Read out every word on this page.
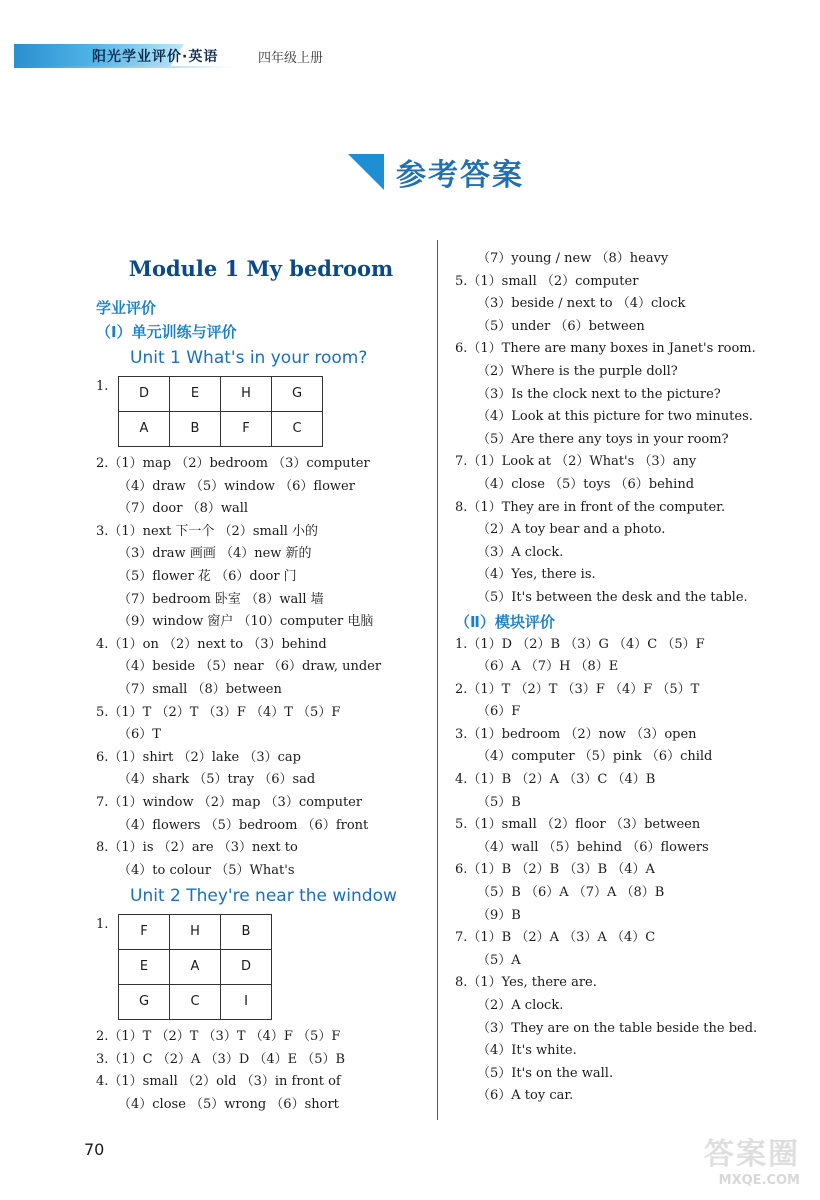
阳光学业评价·英语	四年级上册
参考答案
Module 1 My bedroom
学业评价
（Ⅰ）单元训练与评价
Unit 1 What's in your room?
1.	D	E	H	G
A	B	F	C
2.（1）map （2）bedroom （3）computer
（4）draw （5）window （6）flower
（7）door （8）wall
3.（1）next 下一个 （2）small 小的
（3）draw 画画 （4）new 新的
（5）flower 花 （6）door 门
（7）bedroom 卧室 （8）wall 墙
（9）window 窗户 （10）computer 电脑
4.（1）on （2）next to （3）behind
（4）beside （5）near （6）draw, under
（7）small （8）between
5.（1）T （2）T （3）F （4）T （5）F
（6）T
6.（1）shirt （2）lake （3）cap
（4）shark （5）tray （6）sad
7.（1）window （2）map （3）computer
（4）flowers （5）bedroom （6）front
8.（1）is （2）are （3）next to
（4）to colour （5）What's
Unit 2 They're near the window
1.	F	H	B
E	A	D
G	C	I
2.（1）T （2）T （3）T （4）F （5）F
3.（1）C （2）A （3）D （4）E （5）B
4.（1）small （2）old （3）in front of
（4）close （5）wrong （6）short
（7）young / new （8）heavy
5.（1）small （2）computer
（3）beside / next to （4）clock
（5）under （6）between
6.（1）There are many boxes in Janet's room.
（2）Where is the purple doll?
（3）Is the clock next to the picture?
（4）Look at this picture for two minutes.
（5）Are there any toys in your room?
7.（1）Look at （2）What's （3）any
（4）close （5）toys （6）behind
8.（1）They are in front of the computer.
（2）A toy bear and a photo.
（3）A clock.
（4）Yes, there is.
（5）It's between the desk and the table.
（Ⅱ）模块评价
1.（1）D （2）B （3）G （4）C （5）F
（6）A （7）H （8）E
2.（1）T （2）T （3）F （4）F （5）T
（6）F
3.（1）bedroom （2）now （3）open
（4）computer （5）pink （6）child
4.（1）B （2）A （3）C （4）B
（5）B
5.（1）small （2）floor （3）between
（4）wall （5）behind （6）flowers
6.（1）B （2）B （3）B （4）A
（5）B （6）A （7）A （8）B
（9）B
7.（1）B （2）A （3）A （4）C
（5）A
8.（1）Yes, there are.
（2）A clock.
（3）They are on the table beside the bed.
（4）It's white.
（5）It's on the wall.
（6）A toy car.
70	答案圈
MXQE.COM
